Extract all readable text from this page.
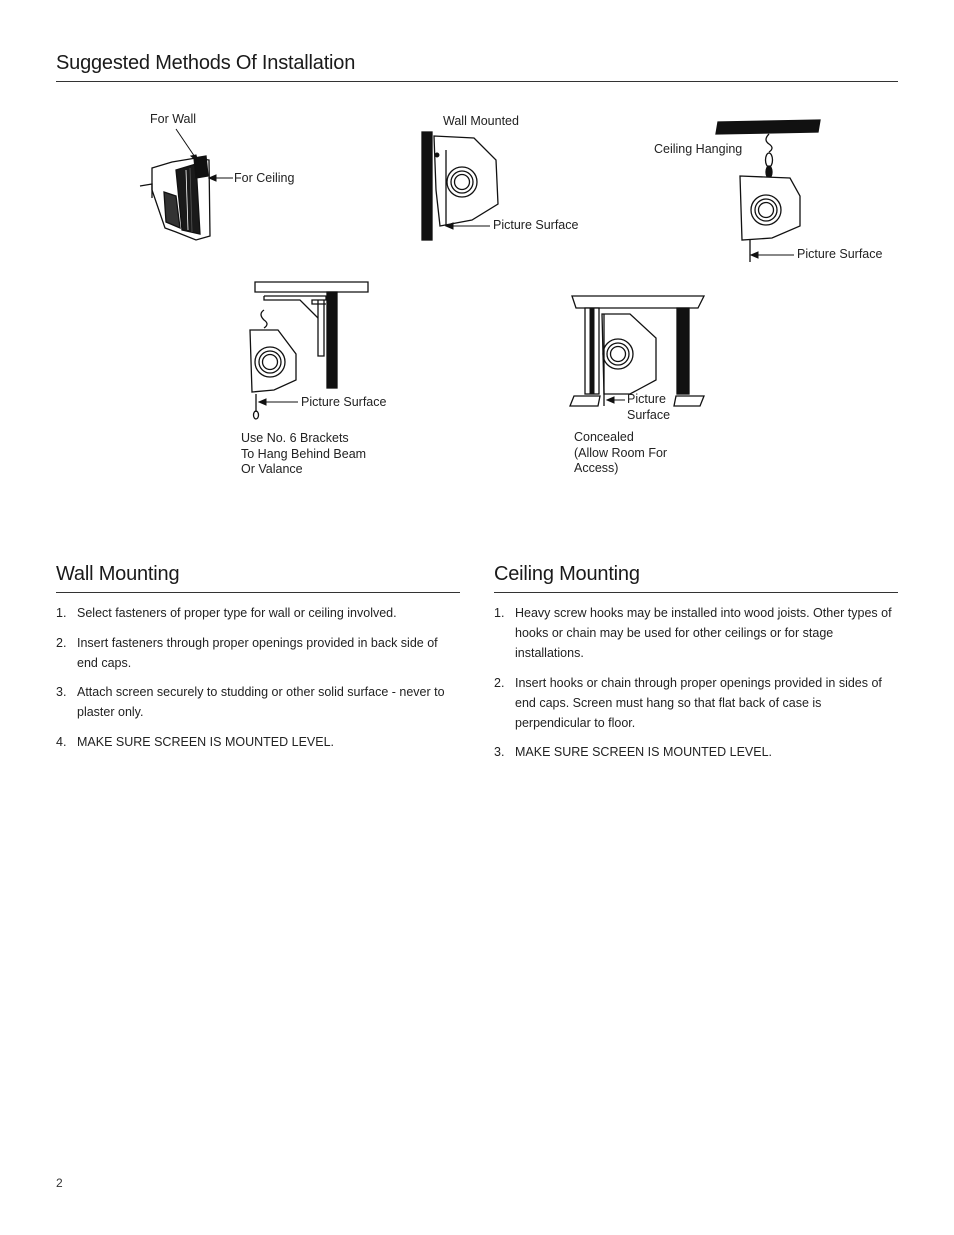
Suggested Methods Of Installation
For Wall
For Ceiling
Wall Mounted
Picture Surface
Ceiling Hanging
Picture Surface
Picture Surface
Use No. 6 Brackets
To Hang Behind Beam
Or Valance
Picture
Surface
Concealed
(Allow Room For
Access)
Wall Mounting
1. Select fasteners of proper type for wall or ceiling involved.
2. Insert fasteners through proper openings provided in back side of end caps.
3. Attach screen securely to studding or other solid surface - never to plaster only.
4. MAKE SURE SCREEN IS MOUNTED LEVEL.
Ceiling Mounting
1. Heavy screw hooks may be installed into wood joists. Other types of hooks or chain may be used for other ceilings or for stage installations.
2. Insert hooks or chain through proper openings provided in sides of end caps. Screen must hang so that flat back of case is perpendicular to floor.
3. MAKE SURE SCREEN IS MOUNTED LEVEL.
2
